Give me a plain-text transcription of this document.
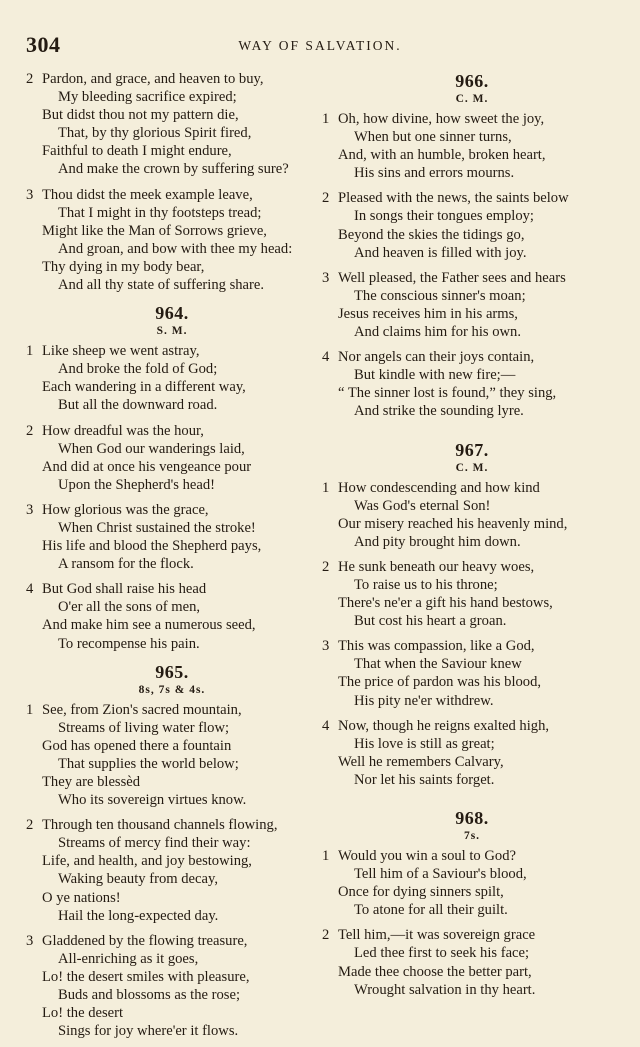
304	WAY OF SALVATION.
2 Pardon, and grace, and heaven to buy,
My bleeding sacrifice expired;
But didst thou not my pattern die,
That, by thy glorious Spirit fired,
Faithful to death I might endure,
And make the crown by suffering sure?
3 Thou didst the meek example leave,
That I might in thy footsteps tread;
Might like the Man of Sorrows grieve,
And groan, and bow with thee my head:
Thy dying in my body bear,
And all thy state of suffering share.
964.
S. M.
1 Like sheep we went astray,
And broke the fold of God;
Each wandering in a different way,
But all the downward road.
2 How dreadful was the hour,
When God our wanderings laid,
And did at once his vengeance pour
Upon the Shepherd's head!
3 How glorious was the grace,
When Christ sustained the stroke!
His life and blood the Shepherd pays,
A ransom for the flock.
4 But God shall raise his head
O'er all the sons of men,
And make him see a numerous seed,
To recompense his pain.
965.
8s, 7s & 4s.
1 See, from Zion's sacred mountain,
Streams of living water flow;
God has opened there a fountain
That supplies the world below;
They are blessèd
Who its sovereign virtues know.
2 Through ten thousand channels flowing,
Streams of mercy find their way:
Life, and health, and joy bestowing,
Waking beauty from decay,
O ye nations!
Hail the long-expected day.
3 Gladdened by the flowing treasure,
All-enriching as it goes,
Lo! the desert smiles with pleasure,
Buds and blossoms as the rose;
Lo! the desert
Sings for joy where'er it flows.
966.
C. M.
1 Oh, how divine, how sweet the joy,
When but one sinner turns,
And, with an humble, broken heart,
His sins and errors mourns.
2 Pleased with the news, the saints below
In songs their tongues employ;
Beyond the skies the tidings go,
And heaven is filled with joy.
3 Well pleased, the Father sees and hears
The conscious sinner's moan;
Jesus receives him in his arms,
And claims him for his own.
4 Nor angels can their joys contain,
But kindle with new fire;—
“ The sinner lost is found,” they sing,
And strike the sounding lyre.
967.
C. M.
1 How condescending and how kind
Was God's eternal Son!
Our misery reached his heavenly mind,
And pity brought him down.
2 He sunk beneath our heavy woes,
To raise us to his throne;
There's ne'er a gift his hand bestows,
But cost his heart a groan.
3 This was compassion, like a God,
That when the Saviour knew
The price of pardon was his blood,
His pity ne'er withdrew.
4 Now, though he reigns exalted high,
His love is still as great;
Well he remembers Calvary,
Nor let his saints forget.
968.
7s.
1 Would you win a soul to God?
Tell him of a Saviour's blood,
Once for dying sinners spilt,
To atone for all their guilt.
2 Tell him,—it was sovereign grace
Led thee first to seek his face;
Made thee choose the better part,
Wrought salvation in thy heart.
